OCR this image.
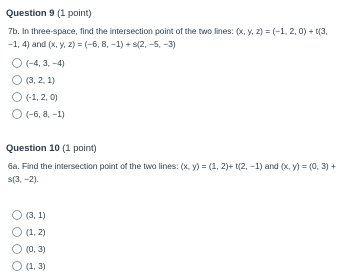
Question 9 (1 point)

7b. In three-space, find the intersection point of the two lines: (x, y, z) = (−1, 2, 0) + t(3, −1, 4) and (x, y, z) = (−6, 8, −1) + s(2, −5, −3)

(−4, 3, −4)
(3, 2, 1)
(-1, 2, 0)
(−6, 8, −1)
Question 10 (1 point)

6a. Find the intersection point of the two lines: (x, y) = (1, 2)+ t(2, −1) and (x, y) = (0, 3) + s(3, −2).

(3, 1)
(1, 2)
(0, 3)
(1, 3)
